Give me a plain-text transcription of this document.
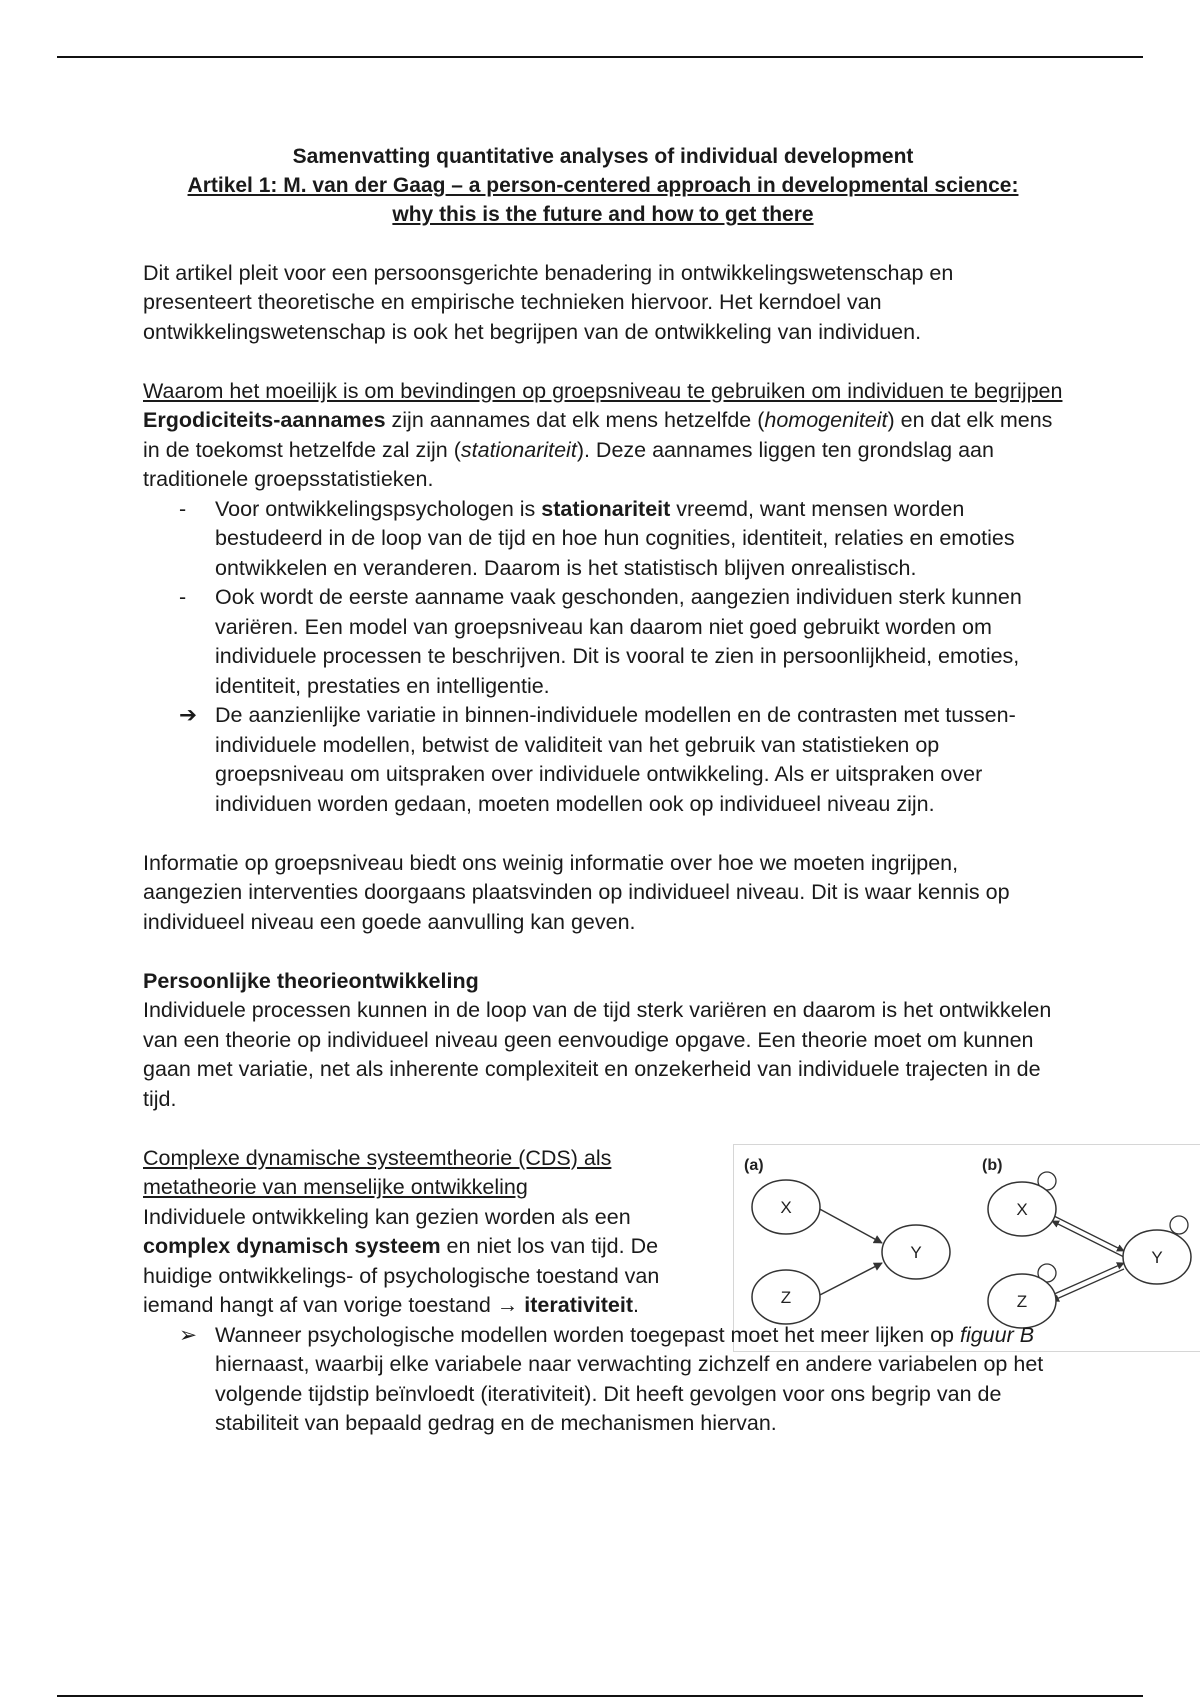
Samenvatting quantitative analyses of individual development
Artikel 1: M. van der Gaag – a person-centered approach in developmental science:
why this is the future and how to get there

Dit artikel pleit voor een persoonsgerichte benadering in ontwikkelingswetenschap en presenteert theoretische en empirische technieken hiervoor. Het kerndoel van ontwikkelingswetenschap is ook het begrijpen van de ontwikkeling van individuen.

Waarom het moeilijk is om bevindingen op groepsniveau te gebruiken om individuen te begrijpen

Ergodiciteits-aannames zijn aannames dat elk mens hetzelfde (homogeniteit) en dat elk mens in de toekomst hetzelfde zal zijn (stationariteit). Deze aannames liggen ten grondslag aan traditionele groepsstatistieken.

-	Voor ontwikkelingspsychologen is stationariteit vreemd, want mensen worden bestudeerd in de loop van de tijd en hoe hun cognities, identiteit, relaties en emoties ontwikkelen en veranderen. Daarom is het statistisch blijven onrealistisch.
-	Ook wordt de eerste aanname vaak geschonden, aangezien individuen sterk kunnen variëren. Een model van groepsniveau kan daarom niet goed gebruikt worden om individuele processen te beschrijven. Dit is vooral te zien in persoonlijkheid, emoties, identiteit, prestaties en intelligentie.
➔ De aanzienlijke variatie in binnen-individuele modellen en de contrasten met tussen-individuele modellen, betwist de validiteit van het gebruik van statistieken op groepsniveau om uitspraken over individuele ontwikkeling. Als er uitspraken over individuen worden gedaan, moeten modellen ook op individueel niveau zijn.

Informatie op groepsniveau biedt ons weinig informatie over hoe we moeten ingrijpen, aangezien interventies doorgaans plaatsvinden op individueel niveau. Dit is waar kennis op individueel niveau een goede aanvulling kan geven.

Persoonlijke theorieontwikkeling

Individuele processen kunnen in de loop van de tijd sterk variëren en daarom is het ontwikkelen van een theorie op individueel niveau geen eenvoudige opgave. Een theorie moet om kunnen gaan met variatie, net als inherente complexiteit en onzekerheid van individuele trajecten in de tijd.

Complexe dynamische systeemtheorie (CDS) als metatheorie van menselijke ontwikkeling

Individuele ontwikkeling kan gezien worden als een complex dynamisch systeem en niet los van tijd. De huidige ontwikkelings- of psychologische toestand van iemand hangt af van vorige toestand → iterativiteit.

(a)
X
Y
Z
(b)
X
Y
Z
➢ Wanneer psychologische modellen worden toegepast moet het meer lijken op figuur B hiernaast, waarbij elke variabele naar verwachting zichzelf en andere variabelen op het volgende tijdstip beïnvloedt (iterativiteit). Dit heeft gevolgen voor ons begrip van de stabiliteit van bepaald gedrag en de mechanismen hiervan.
